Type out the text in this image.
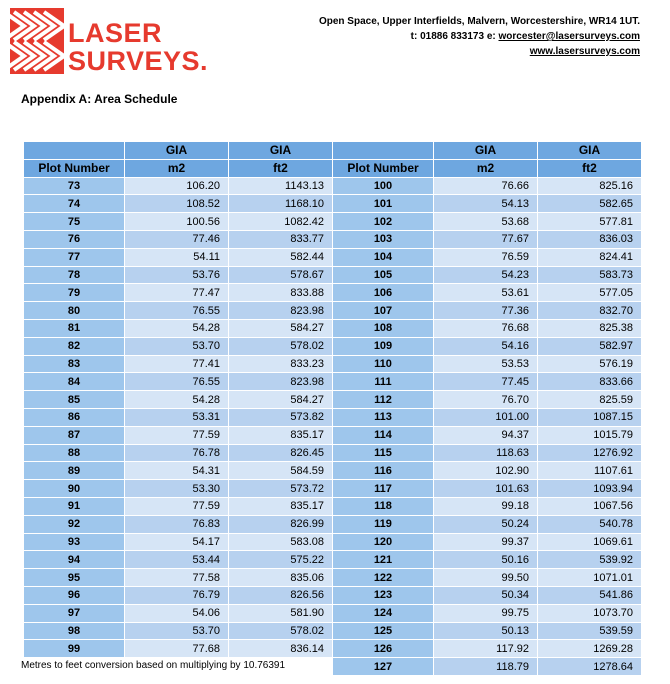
LASER
SURVEYS.
Open Space, Upper Interfields, Malvern, Worcestershire, WR14 1UT.
t: 01886 833173 e: worcester@lasersurveys.com
www.lasersurveys.com
Appendix A: Area Schedule
	GIA	GIA		GIA	GIA
Plot Number	m2	ft2	Plot Number	m2	ft2
73	106.20	1143.13	100	76.66	825.16
74	108.52	1168.10	101	54.13	582.65
75	100.56	1082.42	102	53.68	577.81
76	77.46	833.77	103	77.67	836.03
77	54.11	582.44	104	76.59	824.41
78	53.76	578.67	105	54.23	583.73
79	77.47	833.88	106	53.61	577.05
80	76.55	823.98	107	77.36	832.70
81	54.28	584.27	108	76.68	825.38
82	53.70	578.02	109	54.16	582.97
83	77.41	833.23	110	53.53	576.19
84	76.55	823.98	111	77.45	833.66
85	54.28	584.27	112	76.70	825.59
86	53.31	573.82	113	101.00	1087.15
87	77.59	835.17	114	94.37	1015.79
88	76.78	826.45	115	118.63	1276.92
89	54.31	584.59	116	102.90	1107.61
90	53.30	573.72	117	101.63	1093.94
91	77.59	835.17	118	99.18	1067.56
92	76.83	826.99	119	50.24	540.78
93	54.17	583.08	120	99.37	1069.61
94	53.44	575.22	121	50.16	539.92
95	77.58	835.06	122	99.50	1071.01
96	76.79	826.56	123	50.34	541.86
97	54.06	581.90	124	99.75	1073.70
98	53.70	578.02	125	50.13	539.59
99	77.68	836.14	126	117.92	1269.28
			127	118.79	1278.64
Metres to feet conversion based on multiplying by 10.76391
